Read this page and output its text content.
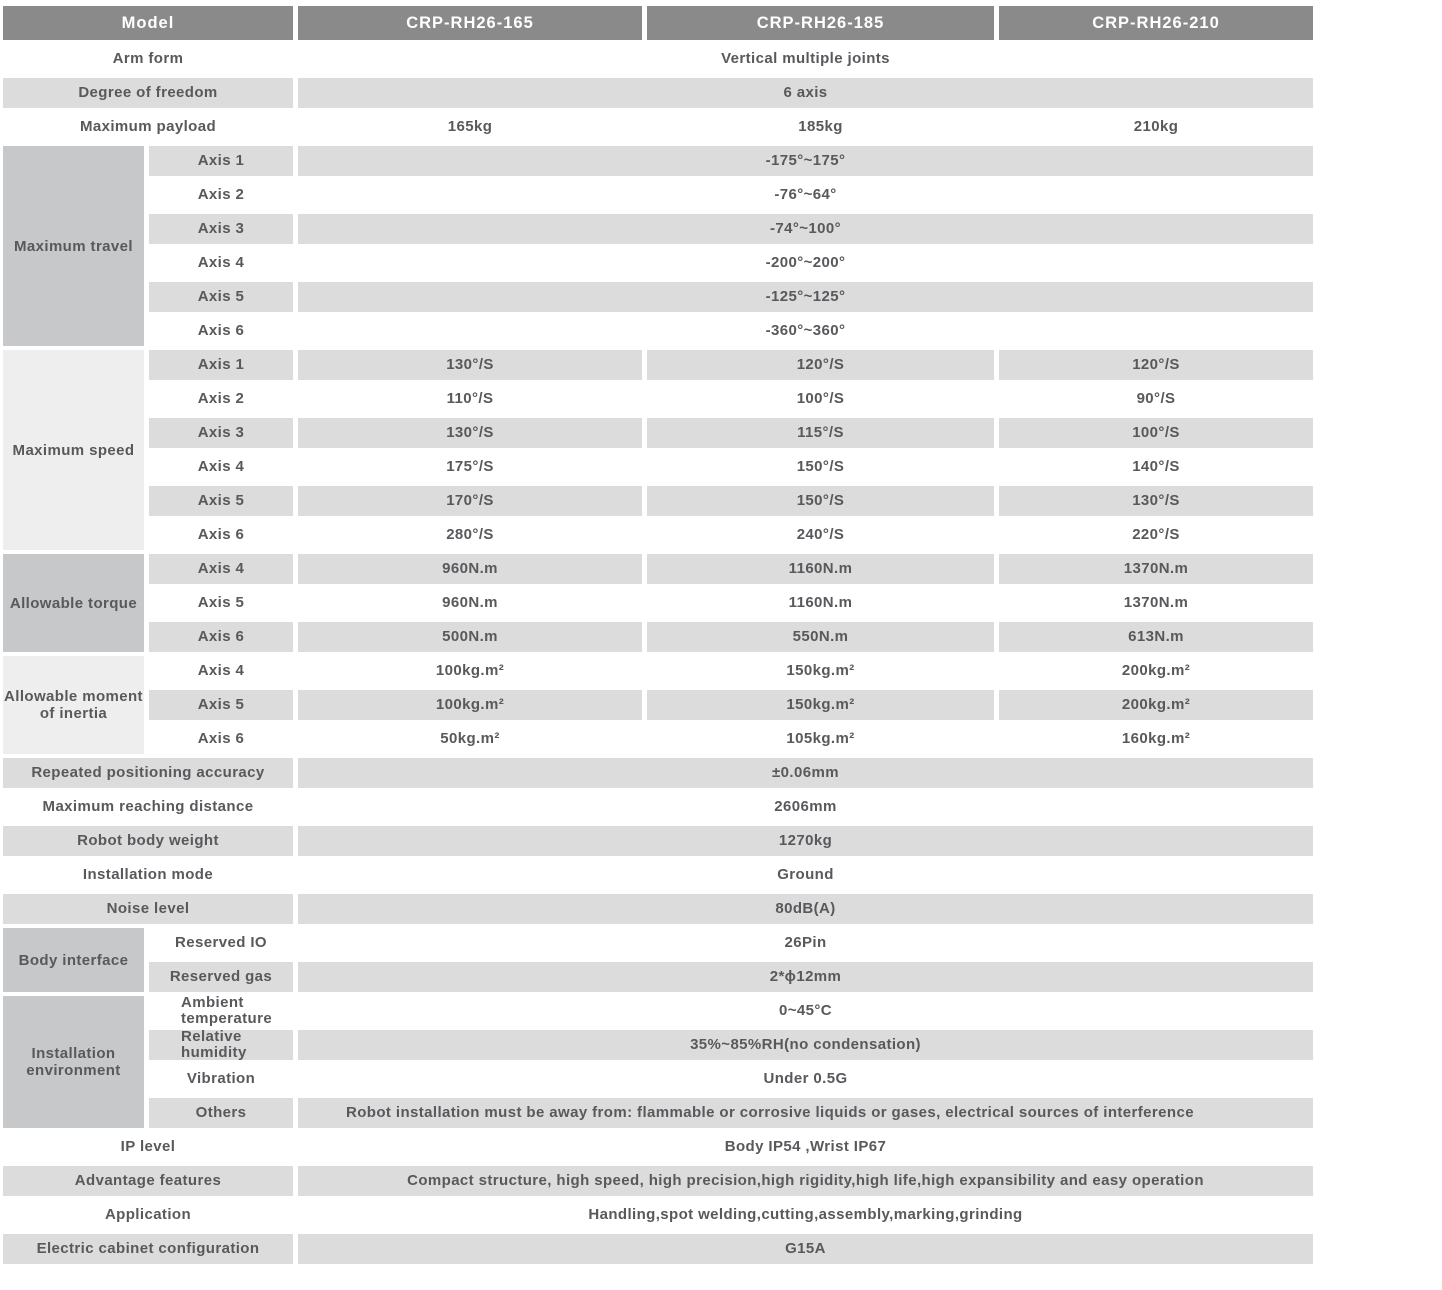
Model	CRP-RH26-165	CRP-RH26-185	CRP-RH26-210
Arm form	Vertical multiple joints
Degree of freedom	6 axis
Maximum payload	165kg	185kg	210kg
Maximum travel
Axis 1	-175°~175°
Axis 2	-76°~64°
Axis 3	-74°~100°
Axis 4	-200°~200°
Axis 5	-125°~125°
Axis 6	-360°~360°
Maximum speed
Axis 1	130°/S	120°/S	120°/S
Axis 2	110°/S	100°/S	90°/S
Axis 3	130°/S	115°/S	100°/S
Axis 4	175°/S	150°/S	140°/S
Axis 5	170°/S	150°/S	130°/S
Axis 6	280°/S	240°/S	220°/S
Allowable torque
Axis 4	960N.m	1160N.m	1370N.m
Axis 5	960N.m	1160N.m	1370N.m
Axis 6	500N.m	550N.m	613N.m
Allowable moment of inertia
Axis 4	100kg.m²	150kg.m²	200kg.m²
Axis 5	100kg.m²	150kg.m²	200kg.m²
Axis 6	50kg.m²	105kg.m²	160kg.m²
Repeated positioning accuracy	±0.06mm
Maximum reaching distance	2606mm
Robot body weight	1270kg
Installation mode	Ground
Noise level	80dB(A)
Body interface
Reserved IO	26Pin
Reserved gas	2*ϕ12mm
Installation environment
Ambient temperature	0~45°C
Relative humidity	35%~85%RH(no condensation)
Vibration	Under 0.5G
Others	Robot installation must be away from: flammable or corrosive liquids or gases, electrical sources of interference
IP level	Body IP54 ,Wrist IP67
Advantage features	Compact structure, high speed, high precision,high rigidity,high life,high expansibility and easy operation
Application	Handling,spot welding,cutting,assembly,marking,grinding
Electric cabinet configuration	G15A
